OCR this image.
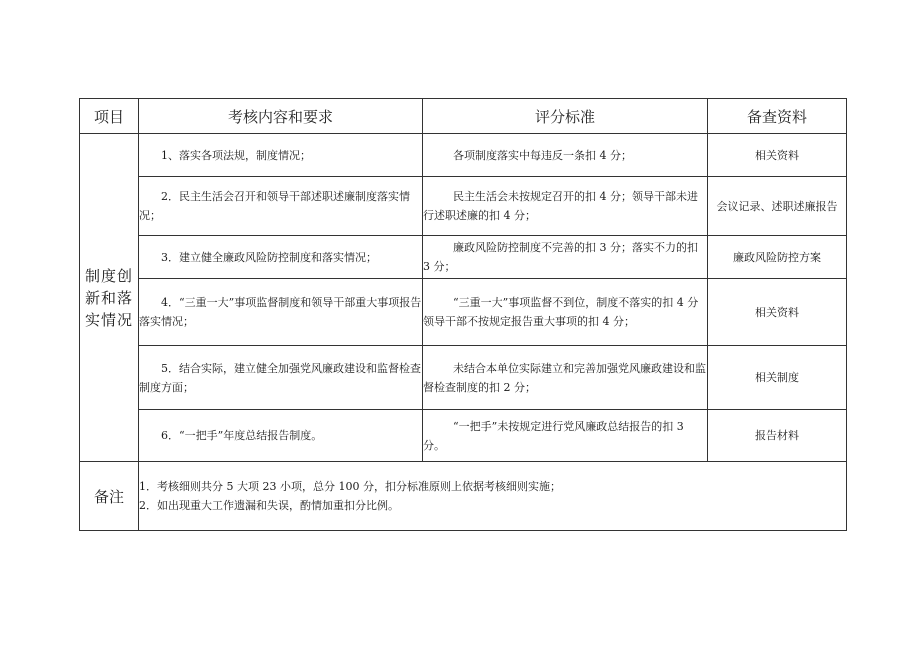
项目	考核内容和要求	评分标准	备查资料
制度创新和落实情况	1、落实各项法规，制度情况；	各项制度落实中每违反一条扣 4 分；	相关资料

	2．民主生活会召开和领导干部述职述廉制度落实情况；	民主生活会未按规定召开的扣 4 分；领导干部未进行述职述廉的扣 4 分；	会议记录、述职述廉报告

	3．建立健全廉政风险防控制度和落实情况；	廉政风险防控制度不完善的扣 3 分；落实不力的扣 3 分；	廉政风险防控方案

	4．“三重一大”事项监督制度和领导干部重大事项报告落实情况；	“三重一大”事项监督不到位，制度不落实的扣 4 分领导干部不按规定报告重大事项的扣 4 分；	相关资料

	5．结合实际，建立健全加强党风廉政建设和监督检查制度方面；	未结合本单位实际建立和完善加强党风廉政建设和监督检查制度的扣 2 分；	相关制度

	6．“一把手”年度总结报告制度。	“一把手”未按规定进行党风廉政总结报告的扣 3 分。	报告材料
备注	1．考核细则共分 5 大项 23 小项，总分 100 分，扣分标准原则上依据考核细则实施；
2．如出现重大工作遗漏和失误，酌情加重扣分比例。		
